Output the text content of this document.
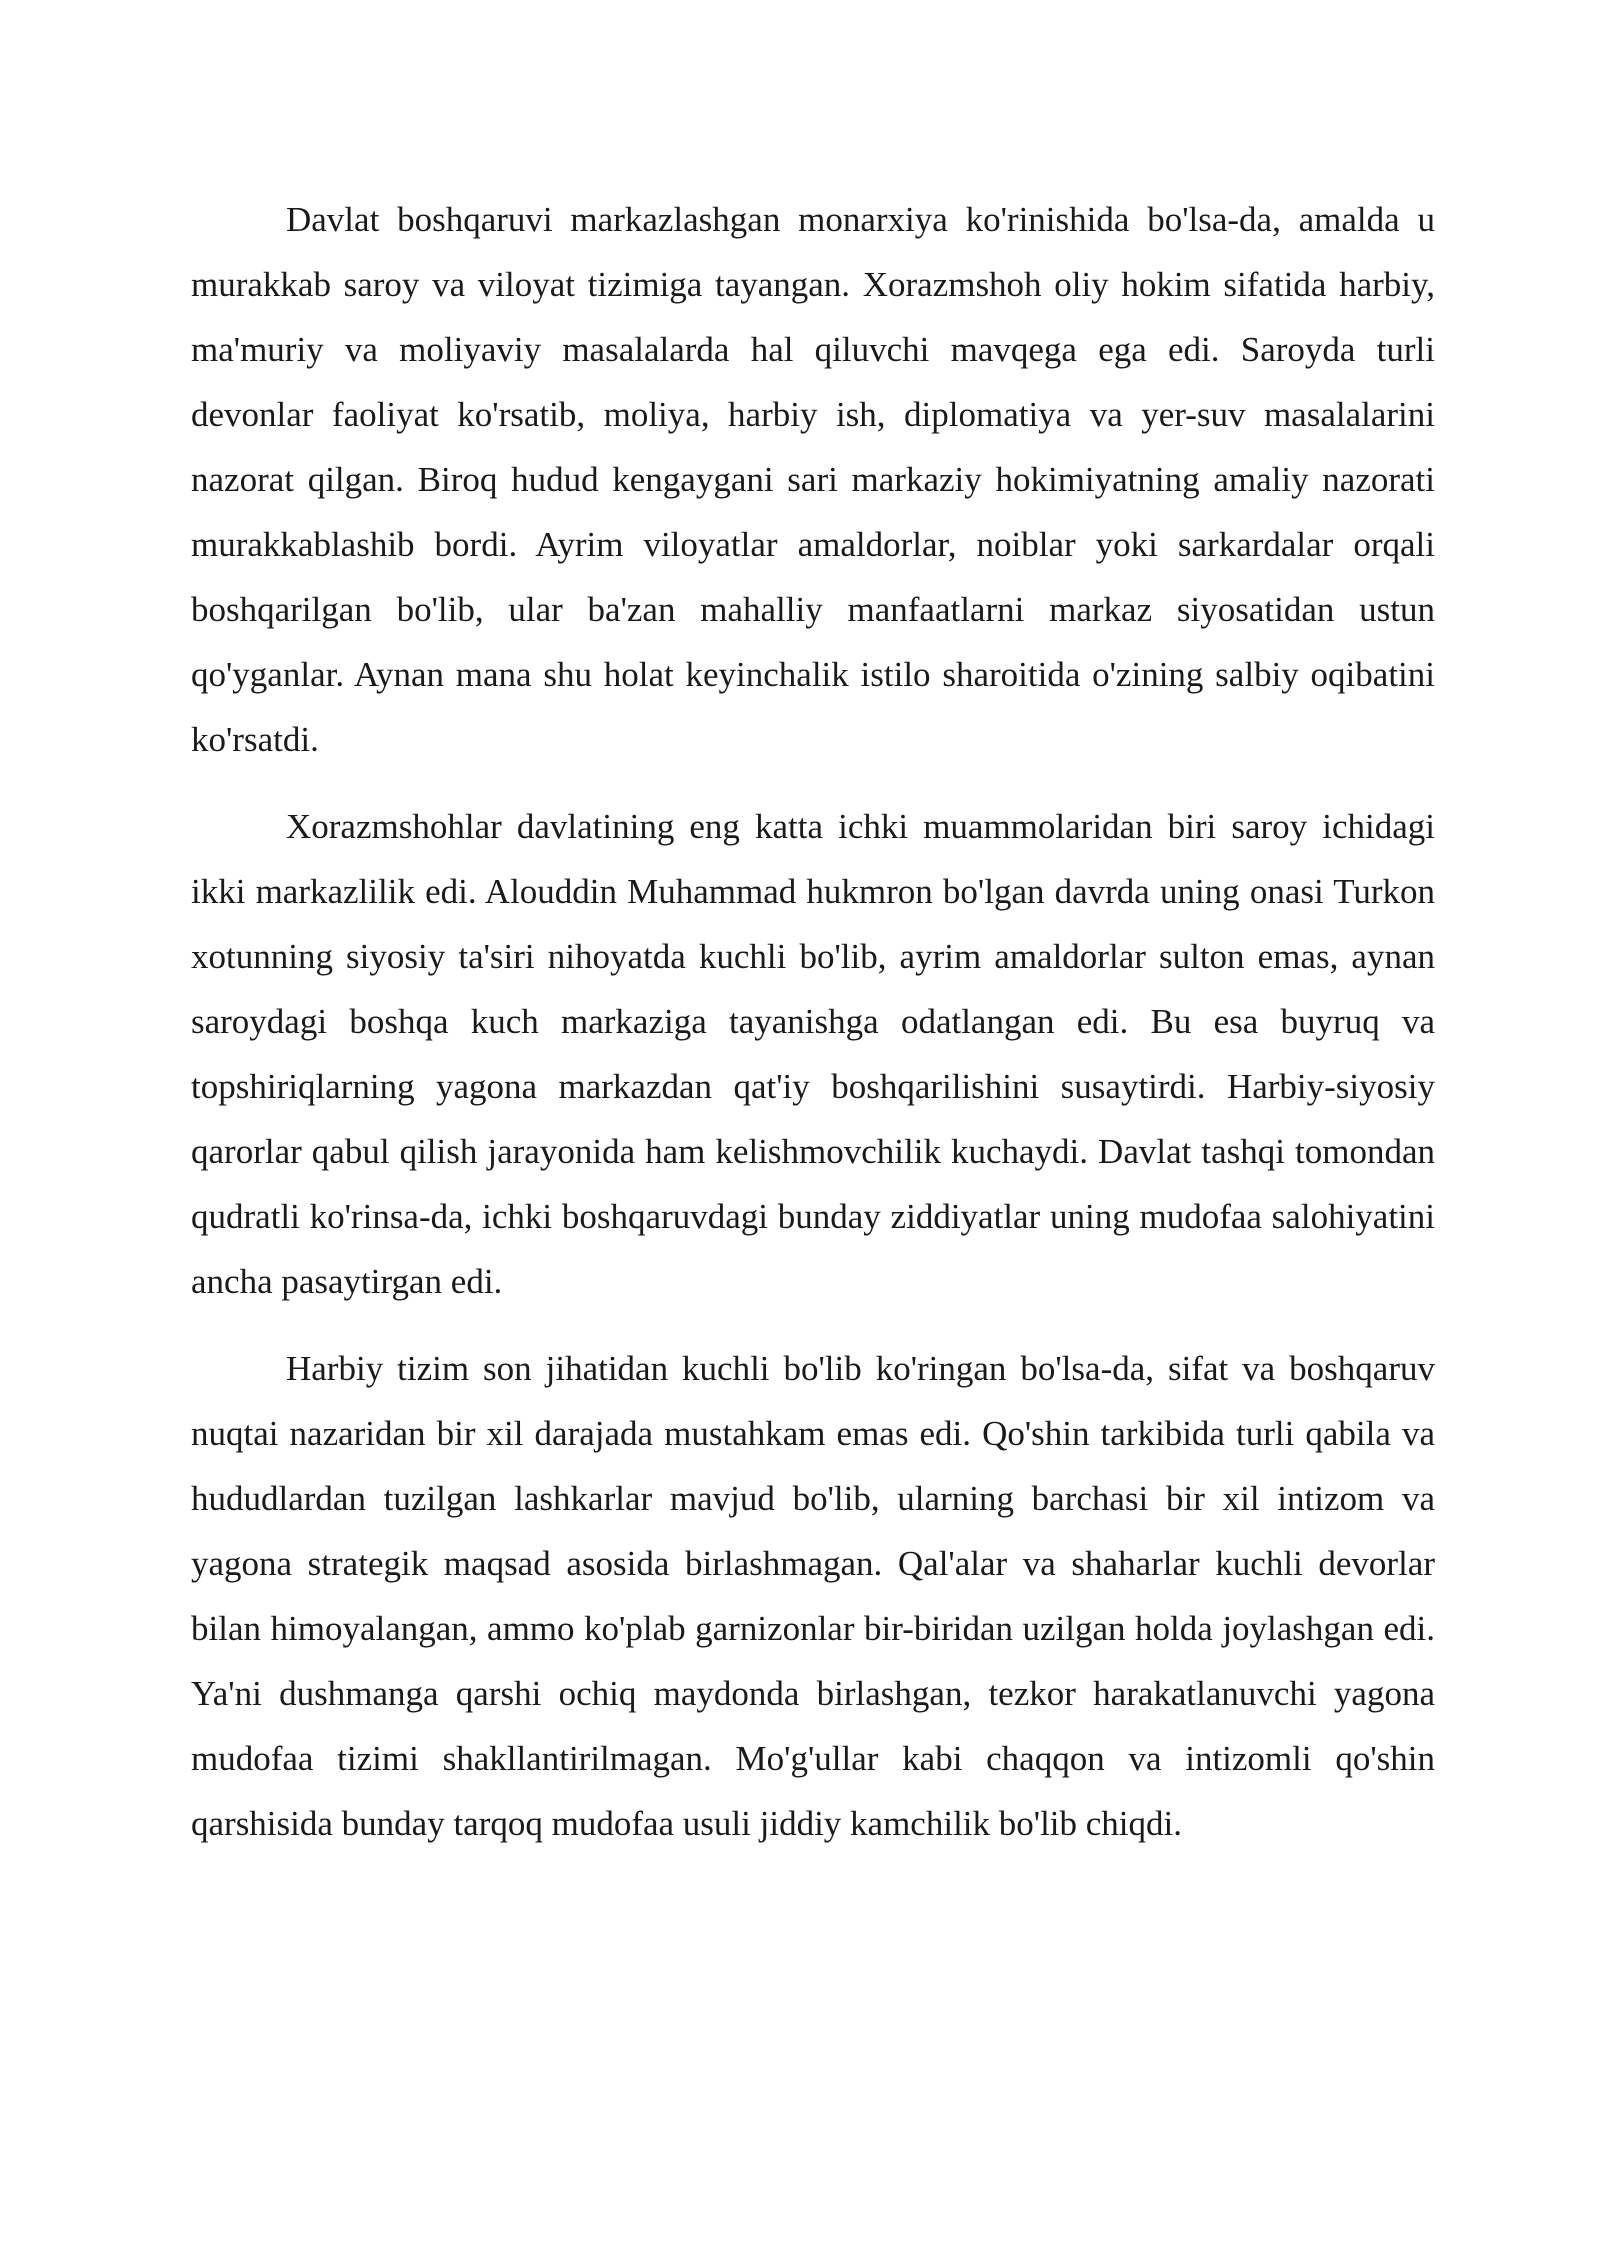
Davlat boshqaruvi markazlashgan monarxiya ko'rinishida bo'lsa-da, amalda u murakkab saroy va viloyat tizimiga tayangan. Xorazmshoh oliy hokim sifatida harbiy, ma'muriy va moliyaviy masalalarda hal qiluvchi mavqega ega edi. Saroyda turli devonlar faoliyat ko'rsatib, moliya, harbiy ish, diplomatiya va yer-suv masalalarini nazorat qilgan. Biroq hudud kengaygani sari markaziy hokimiyatning amaliy nazorati murakkablashib bordi. Ayrim viloyatlar amaldorlar, noiblar yoki sarkardalar orqali boshqarilgan bo'lib, ular ba'zan mahalliy manfaatlarni markaz siyosatidan ustun qo'yganlar. Aynan mana shu holat keyinchalik istilo sharoitida o'zining salbiy oqibatini ko'rsatdi.

Xorazmshohlar davlatining eng katta ichki muammolaridan biri saroy ichidagi ikki markazlilik edi. Alouddin Muhammad hukmron bo'lgan davrda uning onasi Turkon xotunning siyosiy ta'siri nihoyatda kuchli bo'lib, ayrim amaldorlar sulton emas, aynan saroydagi boshqa kuch markaziga tayanishga odatlangan edi. Bu esa buyruq va topshiriqlarning yagona markazdan qat'iy boshqarilishini susaytirdi. Harbiy-siyosiy qarorlar qabul qilish jarayonida ham kelishmovchilik kuchaydi. Davlat tashqi tomondan qudratli ko'rinsa-da, ichki boshqaruvdagi bunday ziddiyatlar uning mudofaa salohiyatini ancha pasaytirgan edi.

Harbiy tizim son jihatidan kuchli bo'lib ko'ringan bo'lsa-da, sifat va boshqaruv nuqtai nazaridan bir xil darajada mustahkam emas edi. Qo'shin tarkibida turli qabila va hududlardan tuzilgan lashkarlar mavjud bo'lib, ularning barchasi bir xil intizom va yagona strategik maqsad asosida birlashmagan. Qal'alar va shaharlar kuchli devorlar bilan himoyalangan, ammo ko'plab garnizonlar bir-biridan uzilgan holda joylashgan edi. Ya'ni dushmanga qarshi ochiq maydonda birlashgan, tezkor harakatlanuvchi yagona mudofaa tizimi shakllantirilmagan. Mo'g'ullar kabi chaqqon va intizomli qo'shin qarshisida bunday tarqoq mudofaa usuli jiddiy kamchilik bo'lib chiqdi.
